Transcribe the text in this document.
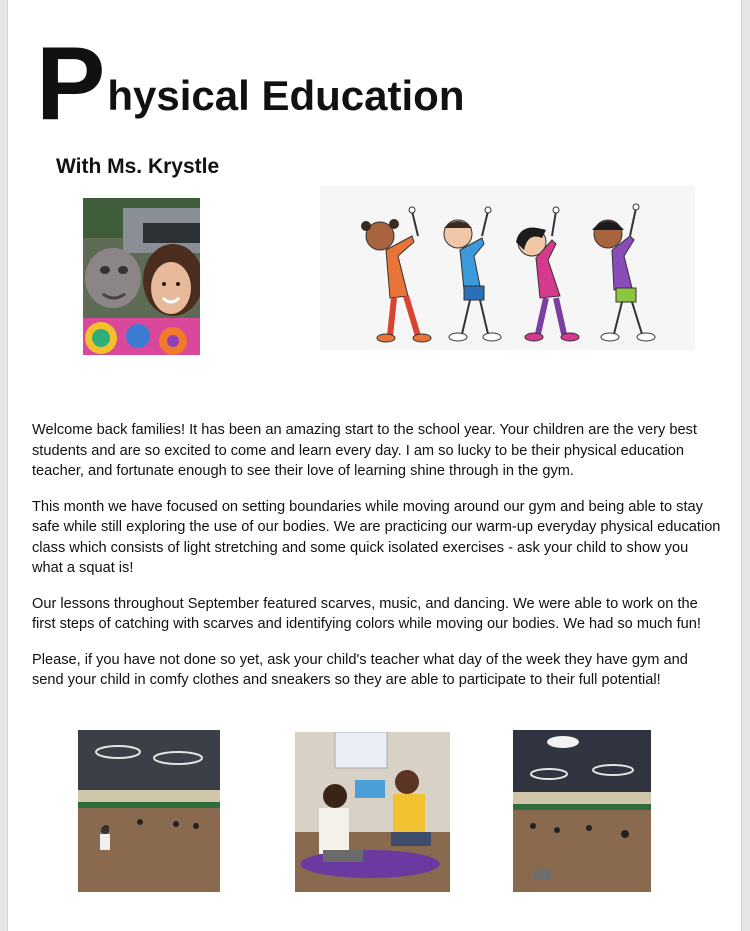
Physical Education
With Ms. Krystle

Welcome back families! It has been an amazing start to the school year. Your children are the very best students and are so excited to come and learn every day. I am so lucky to be their physical education teacher, and fortunate enough to see their love of learning shine through in the gym.

This month we have focused on setting boundaries while moving around our gym and being able to stay safe while still exploring the use of our bodies. We are practicing our warm-up everyday physical education class which consists of light stretching and some quick isolated exercises - ask your child to show you what a squat is!

Our lessons throughout September featured scarves, music, and dancing. We were able to work on the first steps of catching with scarves and identifying colors while moving our bodies. We had so much fun!

Please, if you have not done so yet, ask your child's teacher what day of the week they have gym and send your child in comfy clothes and sneakers so they are able to participate to their full potential!
